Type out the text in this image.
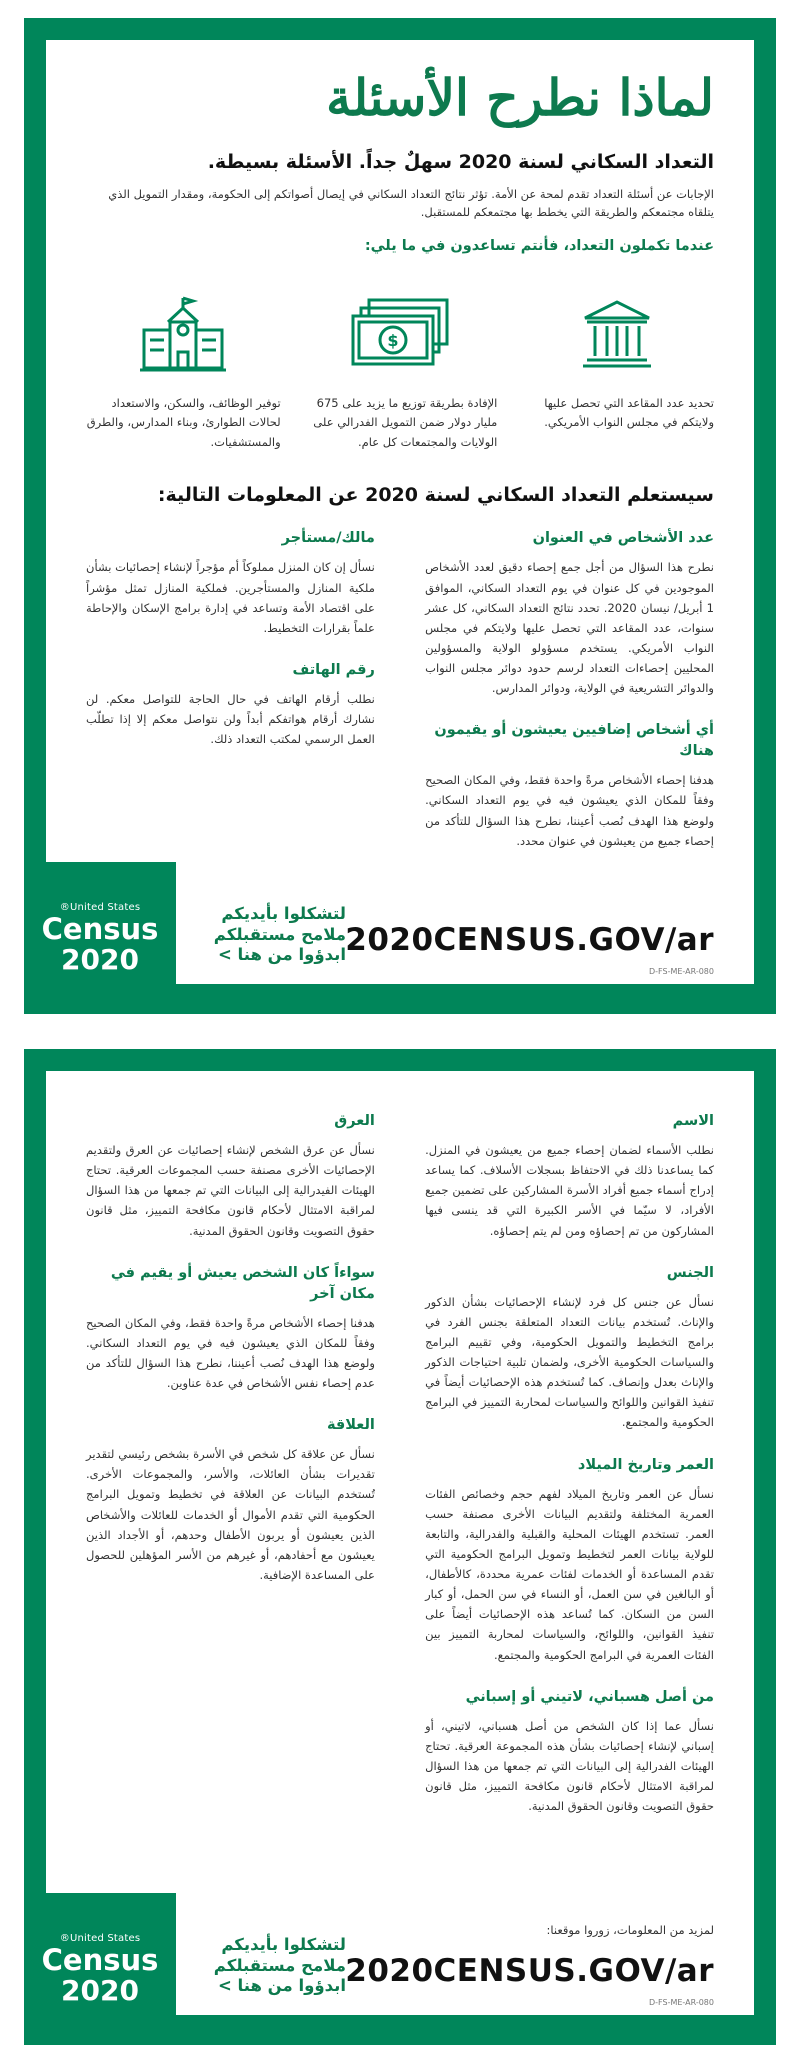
لماذا نطرح الأسئلة
التعداد السكاني لسنة 2020 سهلٌ جداً. الأسئلة بسيطة.
الإجابات عن أسئلة التعداد تقدم لمحة عن الأمة. تؤثر نتائج التعداد السكاني في إيصال أصواتكم إلى الحكومة، ومقدار التمويل الذي يتلقاه مجتمعكم والطريقة التي يخطط بها مجتمعكم للمستقبل.
عندما تكملون التعداد، فأنتم تساعدون في ما يلي:
تحديد عدد المقاعد التي تحصل عليها ولايتكم في مجلس النواب الأمريكي.
$
الإفادة بطريقة توزيع ما يزيد على 675 مليار دولار ضمن التمويل الفدرالي على الولايات والمجتمعات كل عام.
توفير الوظائف، والسكن، والاستعداد لحالات الطوارئ، وبناء المدارس، والطرق والمستشفيات.
سيستعلم التعداد السكاني لسنة 2020 عن المعلومات التالية:
عدد الأشخاص في العنوان
نطرح هذا السؤال من أجل جمع إحصاء دقيق لعدد الأشخاص الموجودين في كل عنوان في يوم التعداد السكاني، الموافق 1 أبريل/ نيسان 2020. تحدد نتائج التعداد السكاني، كل عشر سنوات، عدد المقاعد التي تحصل عليها ولايتكم في مجلس النواب الأمريكي. يستخدم مسؤولو الولاية والمسؤولين المحليين إحصاءات التعداد لرسم حدود دوائر مجلس النواب والدوائر التشريعية في الولاية، ودوائر المدارس.
أي أشخاص إضافيين يعيشون أو يقيمون هناك
هدفنا إحصاء الأشخاص مرةً واحدة فقط، وفي المكان الصحيح وفقاً للمكان الذي يعيشون فيه في يوم التعداد السكاني. ولوضع هذا الهدف نُصب أعيننا، نطرح هذا السؤال للتأكد من إحصاء جميع من يعيشون في عنوان محدد.
مالك/مستأجر
نسأل إن كان المنزل مملوكاً أم مؤجراً لإنشاء إحصائيات بشأن ملكية المنازل والمستأجرين. فملكية المنازل تمثل مؤشراً على اقتصاد الأمة وتساعد في إدارة برامج الإسكان والإحاطة علماً بقرارات التخطيط.
رقم الهاتف
نطلب أرقام الهاتف في حال الحاجة للتواصل معكم. لن نشارك أرقام هواتفكم أبداً ولن نتواصل معكم إلا إذا تطلّب العمل الرسمي لمكتب التعداد ذلك.
United States®
Census
2020
لتشكلوا بأيديكم
ملامح مستقبلكم
ابدؤوا من هنا > 2020CENSUS.GOV/ar
D-FS-ME-AR-080
الاسم
نطلب الأسماء لضمان إحصاء جميع من يعيشون في المنزل. كما يساعدنا ذلك في الاحتفاظ بسجلات الأسلاف. كما يساعد إدراج أسماء جميع أفراد الأسرة المشاركين على تضمين جميع الأفراد، لا سيّما في الأسر الكبيرة التي قد ينسى فيها المشاركون من تم إحصاؤه ومن لم يتم إحصاؤه.
الجنس
نسأل عن جنس كل فرد لإنشاء الإحصائيات بشأن الذكور والإناث. تُستخدم بيانات التعداد المتعلقة بجنس الفرد في برامج التخطيط والتمويل الحكومية، وفي تقييم البرامج والسياسات الحكومية الأخرى، ولضمان تلبية احتياجات الذكور والإناث بعدل وإنصاف. كما تُستخدم هذه الإحصائيات أيضاً في تنفيذ القوانين واللوائح والسياسات لمحاربة التمييز في البرامج الحكومية والمجتمع.
العمر وتاريخ الميلاد
نسأل عن العمر وتاريخ الميلاد لفهم حجم وخصائص الفئات العمرية المختلفة ولتقديم البيانات الأخرى مصنفة حسب العمر. تستخدم الهيئات المحلية والقبلية والفدرالية، والتابعة للولاية بيانات العمر لتخطيط وتمويل البرامج الحكومية التي تقدم المساعدة أو الخدمات لفئات عمرية محددة، كالأطفال، أو البالغين في سن العمل، أو النساء في سن الحمل، أو كبار السن من السكان. كما تُساعد هذه الإحصائيات أيضاً على تنفيذ القوانين، واللوائح، والسياسات لمحاربة التمييز بين الفئات العمرية في البرامج الحكومية والمجتمع.
من أصل هسباني، لاتيني أو إسباني
نسأل عما إذا كان الشخص من أصل هسباني، لاتيني، أو إسباني لإنشاء إحصائيات بشأن هذه المجموعة العرقية. تحتاج الهيئات الفدرالية إلى البيانات التي تم جمعها من هذا السؤال لمراقبة الامتثال لأحكام قانون مكافحة التمييز، مثل قانون حقوق التصويت وقانون الحقوق المدنية.
العرق
نسأل عن عرق الشخص لإنشاء إحصائيات عن العرق ولتقديم الإحصائيات الأخرى مصنفة حسب المجموعات العرقية. تحتاج الهيئات الفيدرالية إلى البيانات التي تم جمعها من هذا السؤال لمراقبة الامتثال لأحكام قانون مكافحة التمييز، مثل قانون حقوق التصويت وقانون الحقوق المدنية.
سواءاً كان الشخص يعيش أو يقيم في مكان آخر
هدفنا إحصاء الأشخاص مرةً واحدة فقط، وفي المكان الصحيح وفقاً للمكان الذي يعيشون فيه في يوم التعداد السكاني. ولوضع هذا الهدف نُصب أعيننا، نطرح هذا السؤال للتأكد من عدم إحصاء نفس الأشخاص في عدة عناوين.
العلاقة
نسأل عن علاقة كل شخص في الأسرة بشخص رئيسي لتقدير تقديرات بشأن العائلات، والأسر، والمجموعات الأخرى. تُستخدم البيانات عن العلاقة في تخطيط وتمويل البرامج الحكومية التي تقدم الأموال أو الخدمات للعائلات والأشخاص الذين يعيشون أو يربون الأطفال وحدهم، أو الأجداد الذين يعيشون مع أحفادهم، أو غيرهم من الأسر المؤهلين للحصول على المساعدة الإضافية.
لمزيد من المعلومات، زوروا موقعنا:
United States®
Census
2020
لتشكلوا بأيديكم
ملامح مستقبلكم
ابدؤوا من هنا > 2020CENSUS.GOV/ar
D-FS-ME-AR-080
